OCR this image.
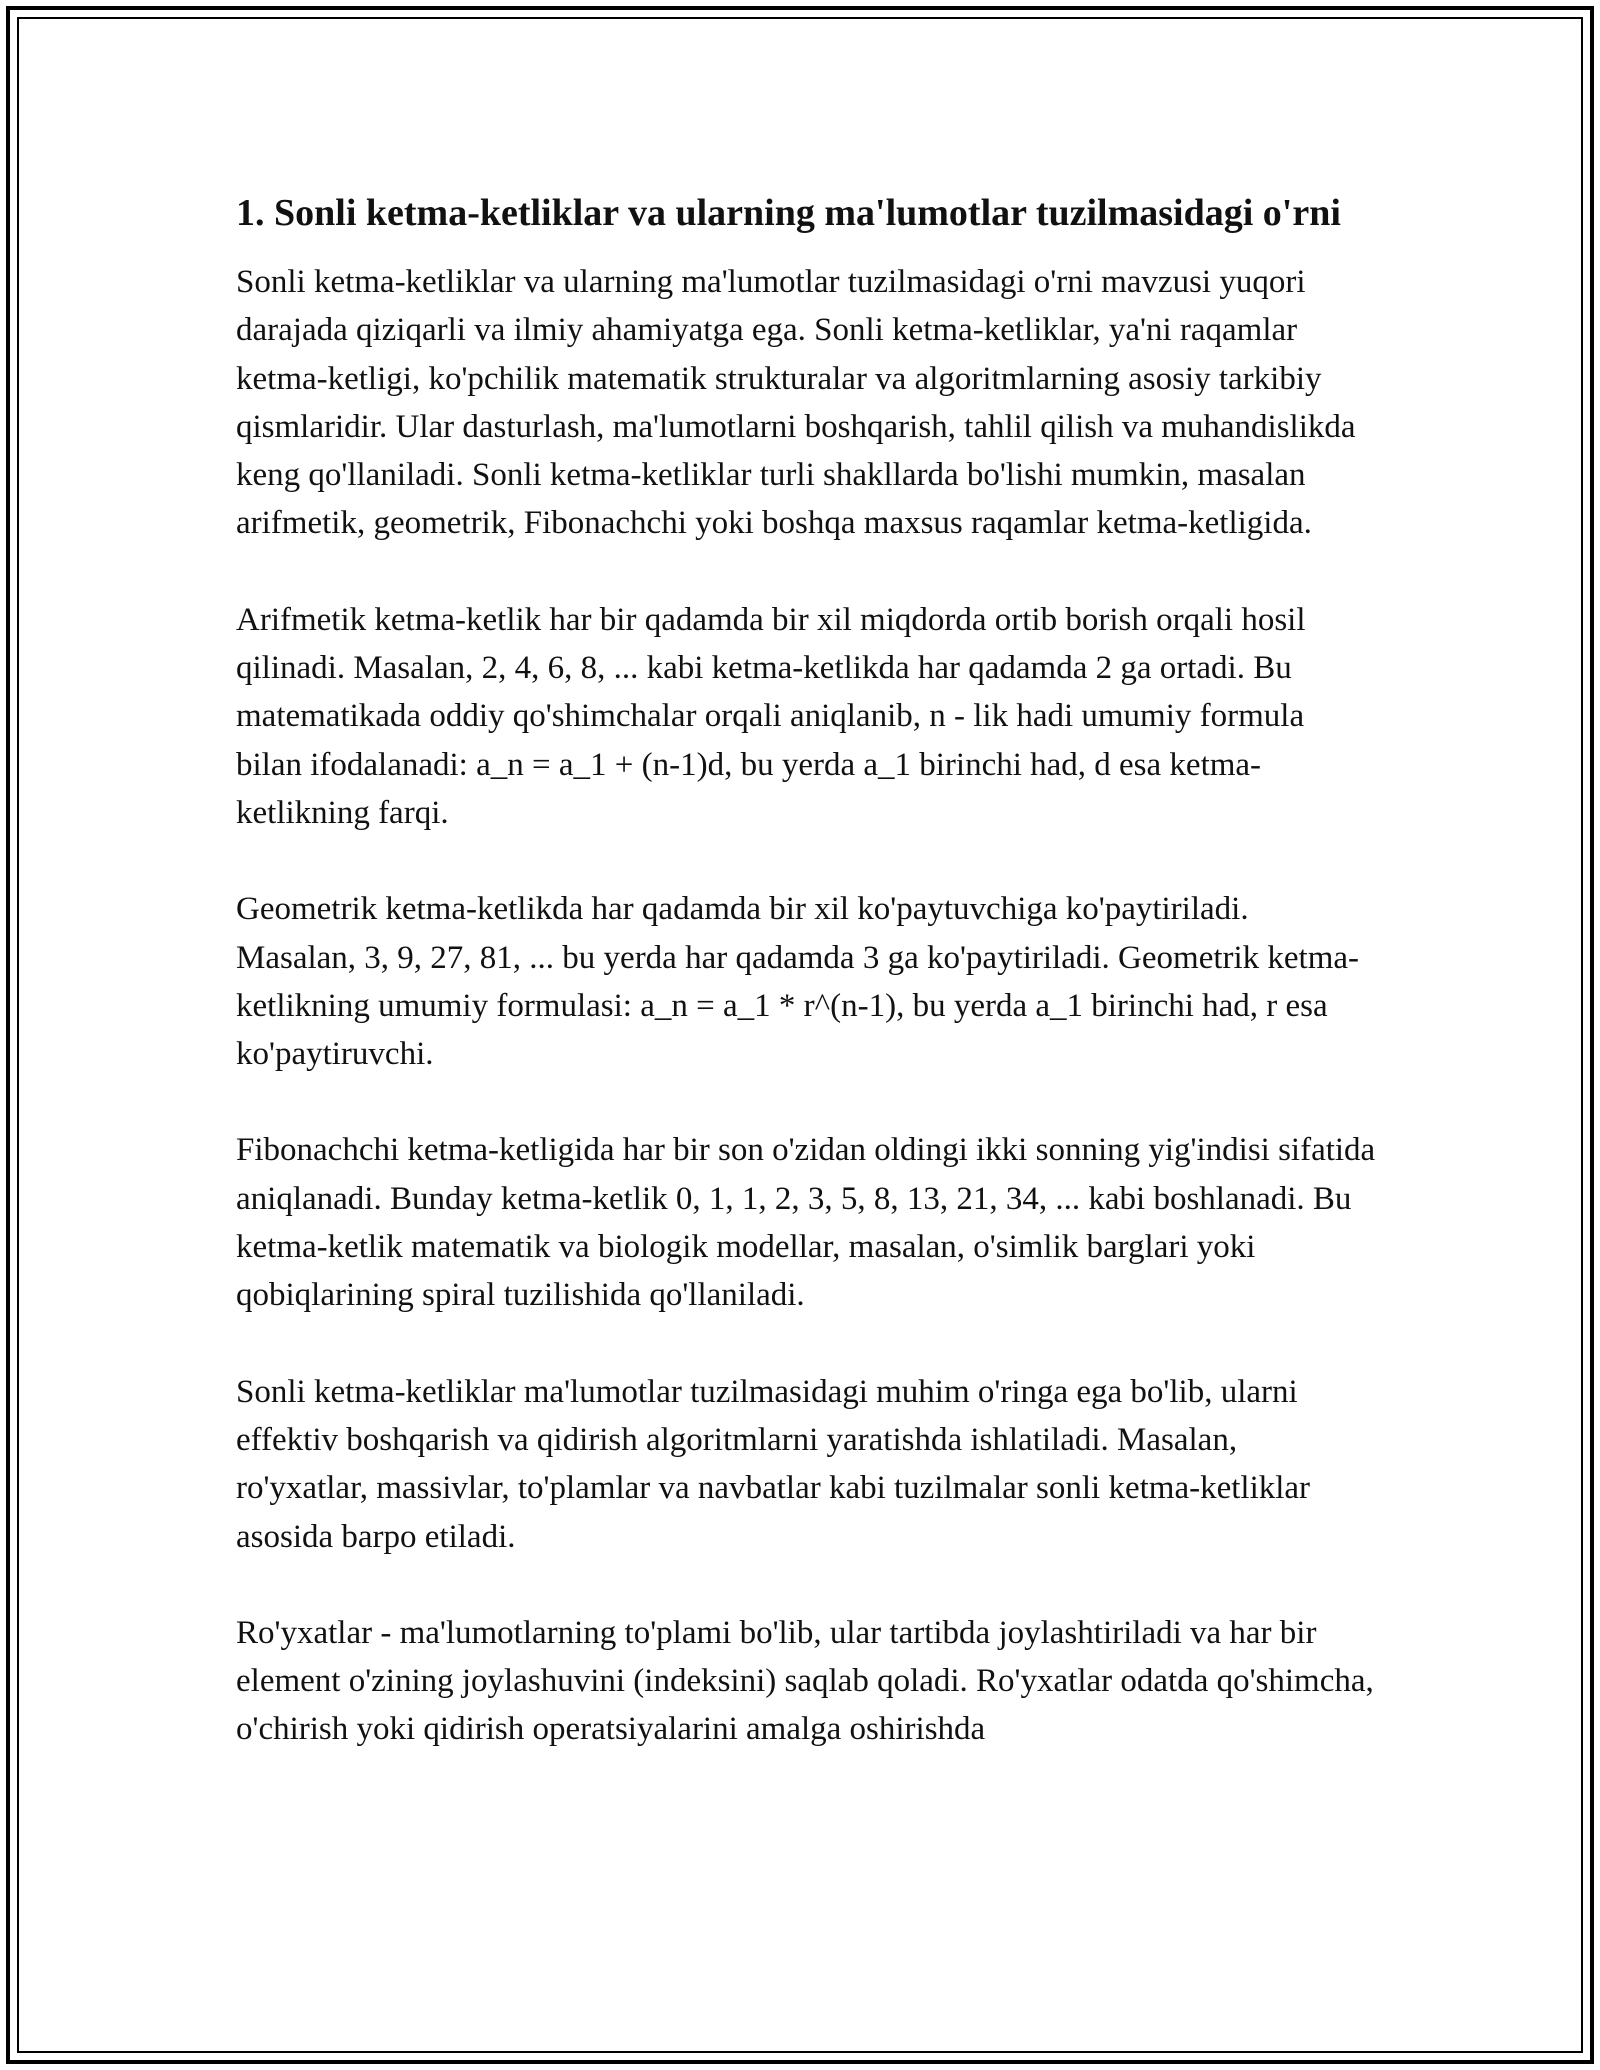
1. Sonli ketma-ketliklar va ularning ma'lumotlar tuzilmasidagi o'rni

Sonli ketma-ketliklar va ularning ma'lumotlar tuzilmasidagi o'rni mavzusi yuqori darajada qiziqarli va ilmiy ahamiyatga ega. Sonli ketma-ketliklar, ya'ni raqamlar ketma-ketligi, ko'pchilik matematik strukturalar va algoritmlarning asosiy tarkibiy qismlaridir. Ular dasturlash, ma'lumotlarni boshqarish, tahlil qilish va muhandislikda keng qo'llaniladi. Sonli ketma-ketliklar turli shakllarda bo'lishi mumkin, masalan arifmetik, geometrik, Fibonachchi yoki boshqa maxsus raqamlar ketma-ketligida.

Arifmetik ketma-ketlik har bir qadamda bir xil miqdorda ortib borish orqali hosil qilinadi. Masalan, 2, 4, 6, 8, ... kabi ketma-ketlikda har qadamda 2 ga ortadi. Bu matematikada oddiy qo'shimchalar orqali aniqlanib, n - lik hadi umumiy formula bilan ifodalanadi: a_n = a_1 + (n-1)d, bu yerda a_1 birinchi had, d esa ketma-ketlikning farqi.

Geometrik ketma-ketlikda har qadamda bir xil ko'paytuvchiga ko'paytiriladi. Masalan, 3, 9, 27, 81, ... bu yerda har qadamda 3 ga ko'paytiriladi. Geometrik ketma-ketlikning umumiy formulasi: a_n = a_1 * r^(n-1), bu yerda a_1 birinchi had, r esa ko'paytiruvchi.

Fibonachchi ketma-ketligida har bir son o'zidan oldingi ikki sonning yig'indisi sifatida aniqlanadi. Bunday ketma-ketlik 0, 1, 1, 2, 3, 5, 8, 13, 21, 34, ... kabi boshlanadi. Bu ketma-ketlik matematik va biologik modellar, masalan, o'simlik barglari yoki qobiqlarining spiral tuzilishida qo'llaniladi.

Sonli ketma-ketliklar ma'lumotlar tuzilmasidagi muhim o'ringa ega bo'lib, ularni effektiv boshqarish va qidirish algoritmlarni yaratishda ishlatiladi. Masalan, ro'yxatlar, massivlar, to'plamlar va navbatlar kabi tuzilmalar sonli ketma-ketliklar asosida barpo etiladi.

Ro'yxatlar - ma'lumotlarning to'plami bo'lib, ular tartibda joylashtiriladi va har bir element o'zining joylashuvini (indeksini) saqlab qoladi. Ro'yxatlar odatda qo'shimcha, o'chirish yoki qidirish operatsiyalarini amalga oshirishda
